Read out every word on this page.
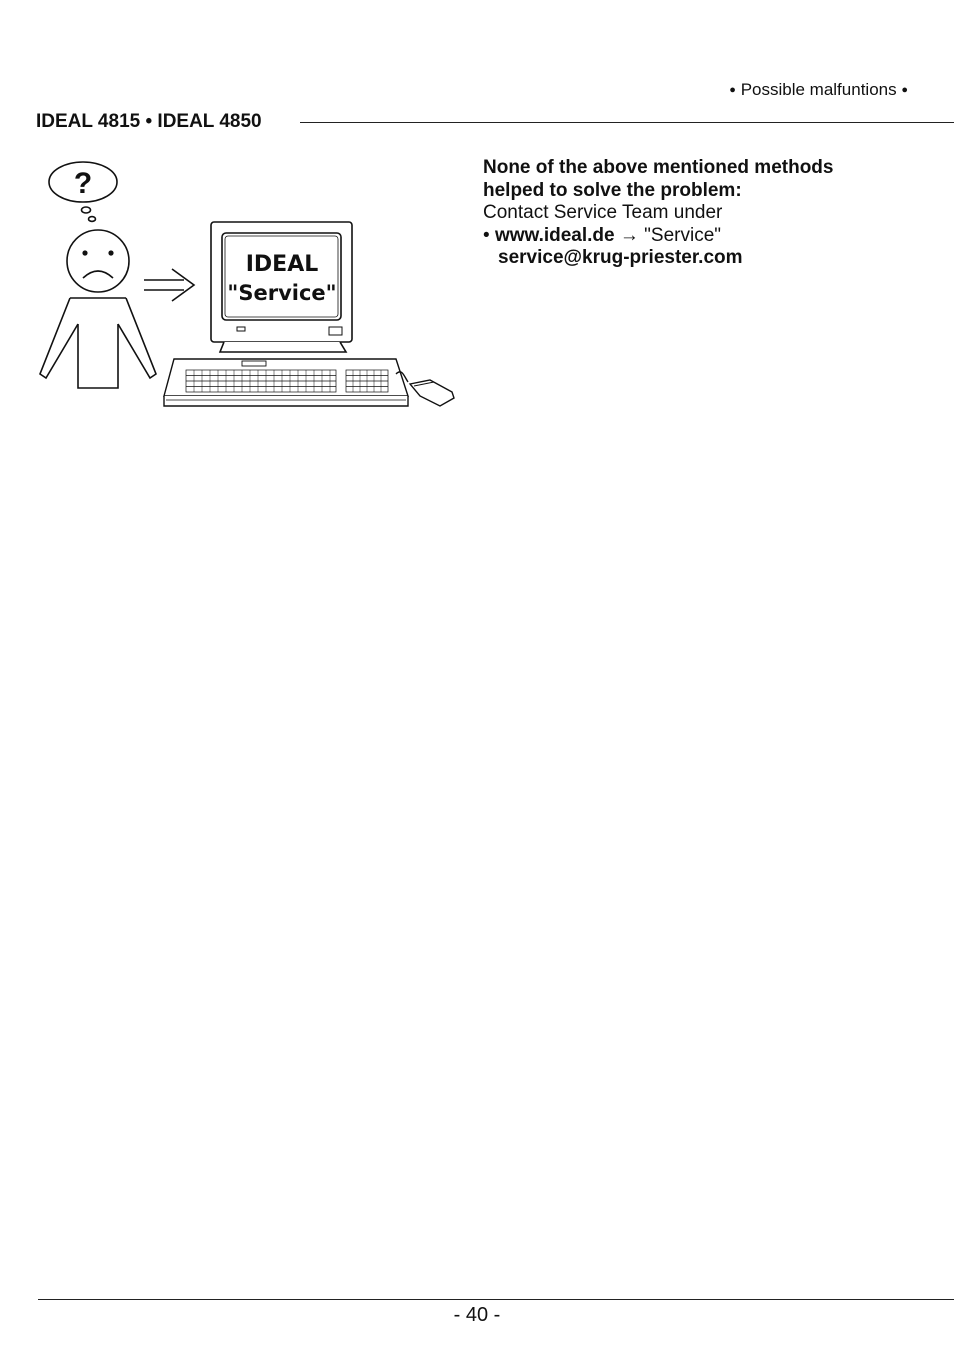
● Possible malfuntions ●
IDEAL 4815 • IDEAL 4850
?
IDEAL
"Service"
None of the above mentioned methods
helped to solve the problem:
Contact Service Team under
• www.ideal.de → "Service"
service@krug-priester.com
- 40 -
